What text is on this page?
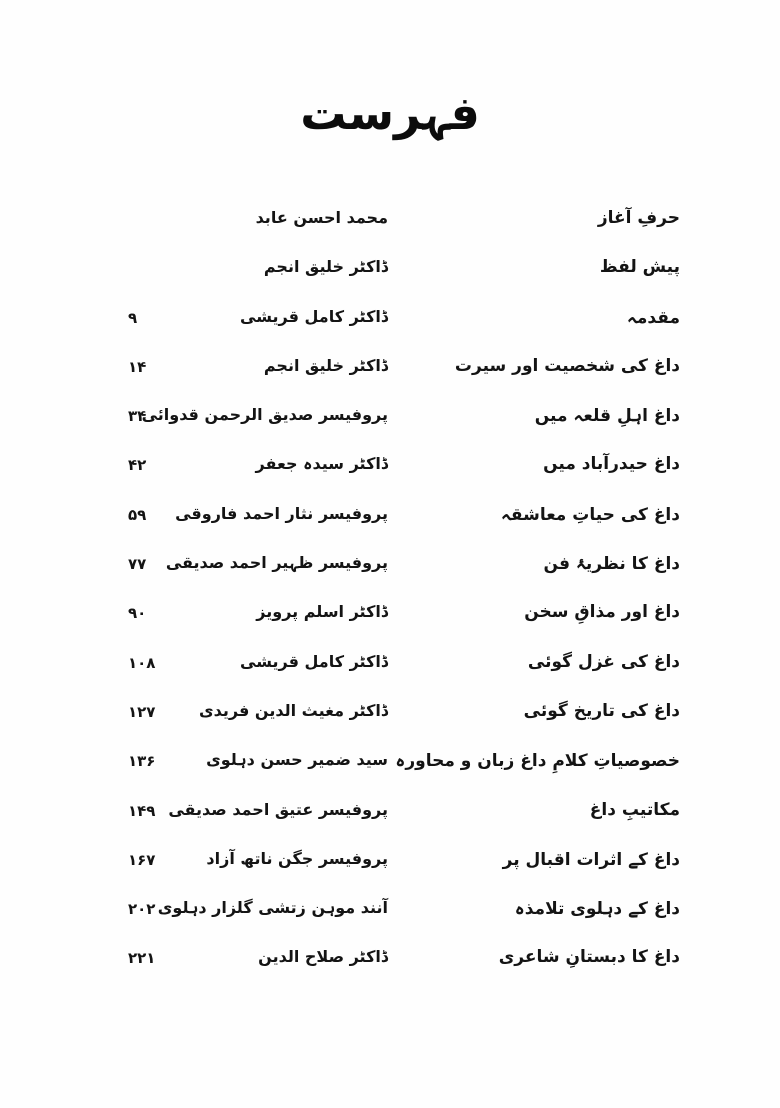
فہرست
حرفِ آغاز
محمد احسن عابد
پیش لفظ
ڈاکٹر خلیق انجم
مقدمہ
ڈاکٹر کامل قریشی
۹
داغ کی شخصیت اور سیرت
ڈاکٹر خلیق انجم
۱۴
داغ اہلِ قلعہ میں
پروفیسر صدیق الرحمن قدوائی
۳۴
داغ حیدرآباد میں
ڈاکٹر سیدہ جعفر
۴۲
داغ کی حیاتِ معاشقہ
پروفیسر نثار احمد فاروقی
۵۹
داغ کا نظریۂ فن
پروفیسر ظہیر احمد صدیقی
۷۷
داغ اور مذاقِ سخن
ڈاکٹر اسلم پرویز
۹۰
داغ کی غزل گوئی
ڈاکٹر کامل قریشی
۱۰۸
داغ کی تاریخ گوئی
ڈاکٹر مغیث الدین فریدی
۱۲۷
خصوصیاتِ کلامِ داغ زبان و محاورہ
سید ضمیر حسن دہلوی
۱۳۶
مکاتیبِ داغ
پروفیسر عتیق احمد صدیقی
۱۴۹
داغ کے اثرات اقبال پر
پروفیسر جگن ناتھ آزاد
۱۶۷
داغ کے دہلوی تلامذہ
آنند موہن زتشی گلزار دہلوی
۲۰۲
داغ کا دبستانِ شاعری
ڈاکٹر صلاح الدین
۲۲۱
